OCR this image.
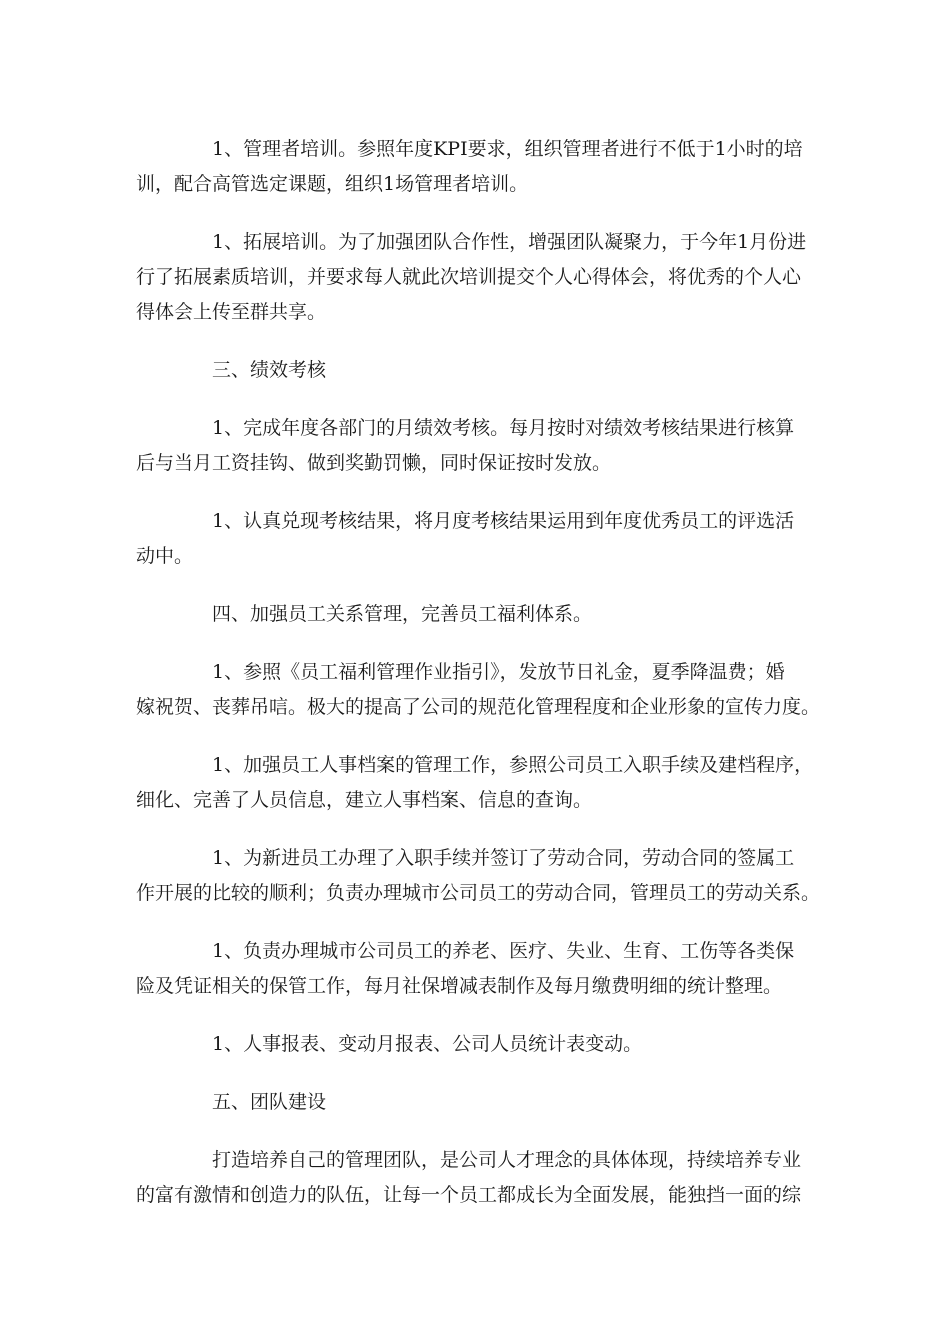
1、管理者培训。参照年度KPI要求，组织管理者进行不低于1小时的培
训，配合高管选定课题，组织1场管理者培训。
1、拓展培训。为了加强团队合作性，增强团队凝聚力，于今年1月份进
行了拓展素质培训，并要求每人就此次培训提交个人心得体会，将优秀的个人心
得体会上传至群共享。
三、绩效考核
1、完成年度各部门的月绩效考核。每月按时对绩效考核结果进行核算
后与当月工资挂钩、做到奖勤罚懒，同时保证按时发放。
1、认真兑现考核结果，将月度考核结果运用到年度优秀员工的评选活
动中。
四、加强员工关系管理，完善员工福利体系。
1、参照《员工福利管理作业指引》，发放节日礼金，夏季降温费；婚
嫁祝贺、丧葬吊唁。极大的提高了公司的规范化管理程度和企业形象的宣传力度。
1、加强员工人事档案的管理工作，参照公司员工入职手续及建档程序，
细化、完善了人员信息，建立人事档案、信息的查询。
1、为新进员工办理了入职手续并签订了劳动合同，劳动合同的签属工
作开展的比较的顺利；负责办理城市公司员工的劳动合同，管理员工的劳动关系。
1、负责办理城市公司员工的养老、医疗、失业、生育、工伤等各类保
险及凭证相关的保管工作，每月社保增减表制作及每月缴费明细的统计整理。
1、人事报表、变动月报表、公司人员统计表变动。
五、团队建设
打造培养自己的管理团队，是公司人才理念的具体体现，持续培养专业
的富有激情和创造力的队伍，让每一个员工都成长为全面发展，能独挡一面的综
